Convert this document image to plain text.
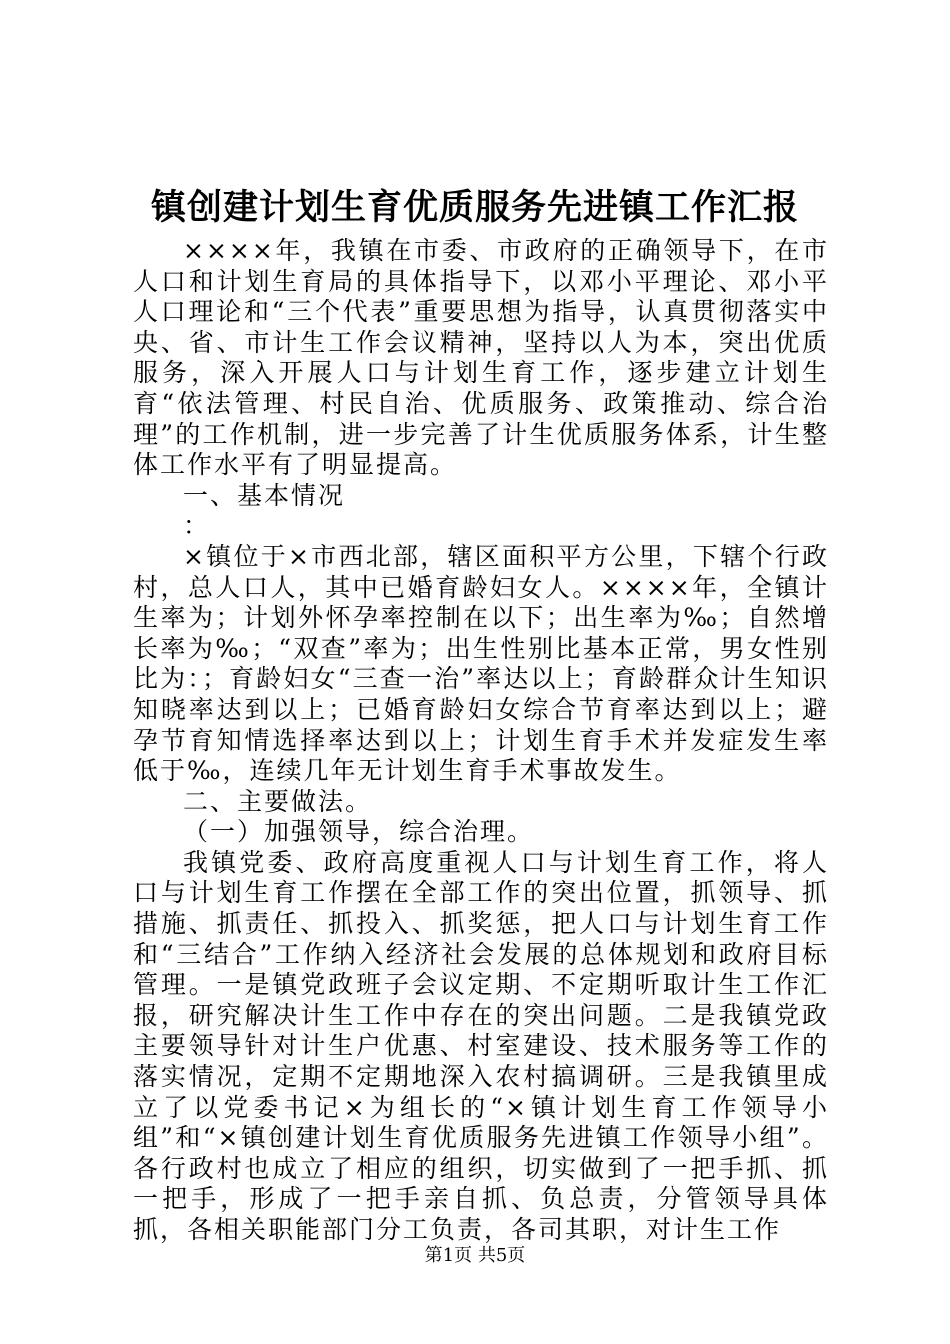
镇创建计划生育优质服务先进镇工作汇报

××××年，我镇在市委、市政府的正确领导下，在市人口和计划生育局的具体指导下，以邓小平理论、邓小平人口理论和“三个代表”重要思想为指导，认真贯彻落实中央、省、市计生工作会议精神，坚持以人为本，突出优质服务，深入开展人口与计划生育工作，逐步建立计划生育“依法管理、村民自治、优质服务、政策推动、综合治理”的工作机制，进一步完善了计生优质服务体系，计生整体工作水平有了明显提高。

一、基本情况

：

×镇位于×市西北部，辖区面积平方公里，下辖个行政村，总人口人，其中已婚育龄妇女人。××××年，全镇计生率为；计划外怀孕率控制在以下；出生率为‰；自然增长率为‰；“双查”率为；出生性别比基本正常，男女性别比为：；育龄妇女“三查一治”率达以上；育龄群众计生知识知晓率达到以上；已婚育龄妇女综合节育率达到以上；避孕节育知情选择率达到以上；计划生育手术并发症发生率低于‰，连续几年无计划生育手术事故发生。

二、主要做法。

（一）加强领导，综合治理。

我镇党委、政府高度重视人口与计划生育工作，将人口与计划生育工作摆在全部工作的突出位置，抓领导、抓措施、抓责任、抓投入、抓奖惩，把人口与计划生育工作和“三结合”工作纳入经济社会发展的总体规划和政府目标管理。一是镇党政班子会议定期、不定期听取计生工作汇报，研究解决计生工作中存在的突出问题。二是我镇党政主要领导针对计生户优惠、村室建设、技术服务等工作的落实情况，定期不定期地深入农村搞调研。三是我镇里成立了以党委书记×为组长的“×镇计划生育工作领导小组”和“×镇创建计划生育优质服务先进镇工作领导小组”。各行政村也成立了相应的组织，切实做到了一把手抓、抓一把手，形成了一把手亲自抓、负总责，分管领导具体抓，各相关职能部门分工负责，各司其职，对计生工作

第1页 共5页
